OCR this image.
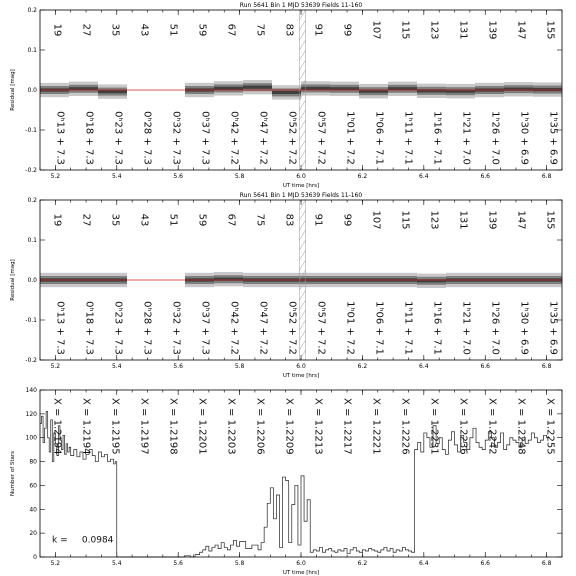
5.2	5.4	5.6	5.8	6.0	6.2	6.4	6.6	6.8
-0.2
-0.1
0.0
0.1
0.2
UT time [hrs]
Residual [mag]
Run 5641 Bin 1 MJD 53639 Fields 11-160
19
0ʰ13 + 7.3
27
0ʰ18 + 7.3
35
0ʰ23 + 7.3
43
0ʰ28 + 7.3
51
0ʰ32 + 7.3
59
0ʰ37 + 7.3
67
0ʰ42 + 7.2
75
0ʰ47 + 7.2
83
0ʰ52 + 7.2
91
0ʰ57 + 7.2
99
1ʰ01 + 7.2
107
1ʰ06 + 7.1
115
1ʰ11 + 7.1
123
1ʰ16 + 7.1
131
1ʰ21 + 7.0
139
1ʰ26 + 7.0
147
1ʰ30 + 6.9
155
1ʰ35 + 6.9
5.2	5.4	5.6	5.8	6.0	6.2	6.4	6.6	6.8
-0.2
-0.1
0.0
0.1
0.2
UT time [hrs]
Residual [mag]
Run 5641 Bin 1 MJD 53639 Fields 11-160
19
0ʰ13 + 7.3
27
0ʰ18 + 7.3
35
0ʰ23 + 7.3
43
0ʰ28 + 7.3
51
0ʰ32 + 7.3
59
0ʰ37 + 7.3
67
0ʰ42 + 7.2
75
0ʰ47 + 7.2
83
0ʰ52 + 7.2
91
0ʰ57 + 7.2
99
1ʰ01 + 7.2
107
1ʰ06 + 7.1
115
1ʰ11 + 7.1
123
1ʰ16 + 7.1
131
1ʰ21 + 7.0
139
1ʰ26 + 7.0
147
1ʰ30 + 6.9
155
1ʰ35 + 6.9
5.2	5.4	5.6	5.8	6.0	6.2	6.4	6.6	6.8
0
20
40
60
80
100
120
140
UT time [hrs]
Number of Stars
X = 1.2194 X = 1.2194 X = 1.2195 X = 1.2197 X = 1.2198 X = 1.2201 X = 1.2203 X = 1.2206 X = 1.2209 X = 1.2213 X = 1.2217 X = 1.2221 X = 1.2226 X = 1.2231 X = 1.2236 X = 1.2242 X = 1.2248 X = 1.2255
k =     0.0984
